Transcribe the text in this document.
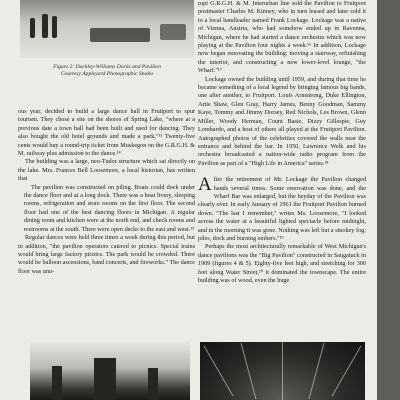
Figure 2: Dockley-Williams Docks and Pavilion
Courtesy Appleyard Photographic Studio

ous year, decided to build a large dance hall in Fruitport to spur tourism. They chose a site on the shores of Spring Lake, "where at a previous date a town hall had been built and used for dancing. They also bought the old hotel grounds and made a park."¹³ Twenty-five cents would buy a round-trip ticket from Muskegon on the G.R.G.H. & M. railway plus admission to the dance.¹⁴

The building was a large, neo-Tudor structure which sat directly on the lake. Mrs. Frances Bell Loosemore, a local historian, has written that

The pavilion was constructed on piling. Boats could dock under the dance floor and at a long dock. There was a boat livery, sleeping rooms, refrigeration and store rooms on the first floor. The second floor had one of the best dancing floors in Michigan. A regular dining room and kitchen were at the north end, and check rooms and restrooms at the south. There were open decks to the east and west.¹⁵

Regular dances were held three times a week during this period, but in addition, "the pavilion operators catered to picnics. Special trains would bring large factory picnics. The park would be crowded. There would be balloon ascensions, band concerts, and fireworks." The dance floor was unu-

rupt G.R.G.H. & M. Interurban line sold the Pavilion to Fruitport postmaster Charles M. Kinney, who in turn leased and later sold it to a local bandleader named Frank Lockage. Lockage was a native of Vienna, Austria, who had somehow ended up in Ravenna, Michigan, where he had started a dance orchestra which was now playing at the Pavilion four nights a week.¹⁶ In addition, Lockage now began renovating the building: moving a stairway, refinishing the interior, and constructing a new lower-level lounge, "the Wharf."¹⁷

Lockage owned the building until 1959, and during that time he became something of a local legend by bringing famous big bands, one after another, to Fruitport. Louis Armstrong, Duke Ellington, Artie Shaw, Glen Gray, Harry James, Benny Goodman, Sammy Kaye, Tommy and Jimmy Dorsey, Red Nichols, Les Brown, Glenn Miller, Woody Herman, Count Basie, Dizzy Gillespie, Guy Lombardo, and a host of others all played at the Fruitport Pavilion. Autographed photos of the celebrities covered the walls near the entrance and behind the bar. In 1950, Lawrence Welk and his orchestra broadcasted a nation-wide radio program from the Pavilion as part of a "High Life in America" series.¹⁸

After the retirement of Mr. Lockage the Pavilion changed hands several times. Some renovation was done, and the Wharf Bar was enlarged, but the heyday of the Pavilion was clearly over. In early January of 1961 the Fruitport Pavilion burned down. "The last I remember," writes Ms. Loosemore, "I looked across the water at a beautiful lighted spectacle before midnight, and in the morning it was gone. Nothing was left but a smokey fog; piles, dock and burning embers."¹⁹

Perhaps the most architecturally remarkable of West Michigan's dance pavilions was the "Big Pavilion" constructed in Saugatuck in 1909 (figures 4 & 5). Eighty-five feet high, and stretching for 300 feet along Water Street,²⁰ it dominated the townscape. The entire building was of wood, even the huge
